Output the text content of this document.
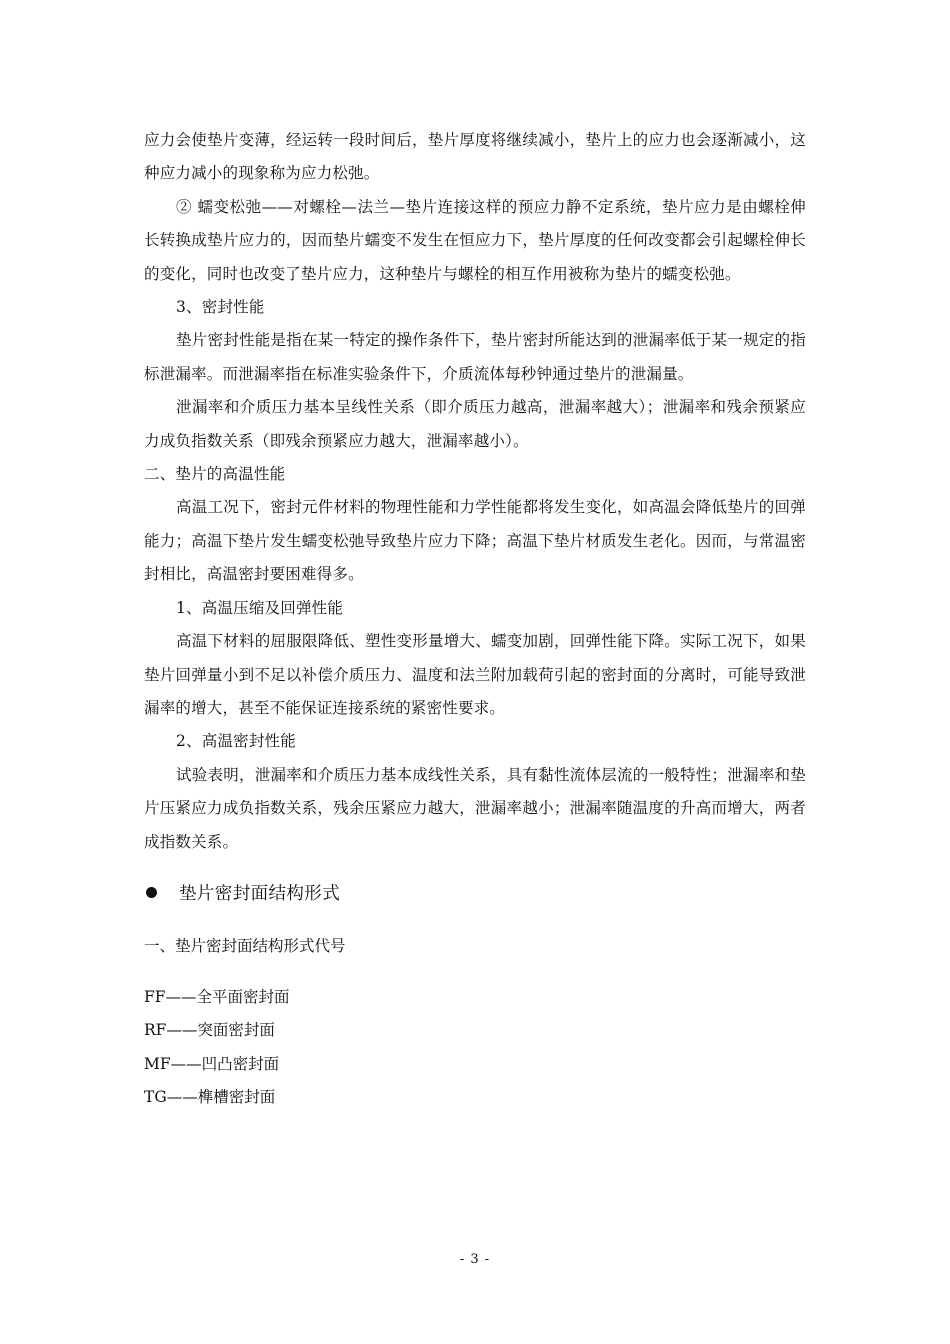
应力会使垫片变薄，经运转一段时间后，垫片厚度将继续减小，垫片上的应力也会逐渐减小，这种应力减小的现象称为应力松弛。

② 蠕变松弛——对螺栓—法兰—垫片连接这样的预应力静不定系统，垫片应力是由螺栓伸长转换成垫片应力的，因而垫片蠕变不发生在恒应力下，垫片厚度的任何改变都会引起螺栓伸长的变化，同时也改变了垫片应力，这种垫片与螺栓的相互作用被称为垫片的蠕变松弛。

3、密封性能

垫片密封性能是指在某一特定的操作条件下，垫片密封所能达到的泄漏率低于某一规定的指标泄漏率。而泄漏率指在标准实验条件下，介质流体每秒钟通过垫片的泄漏量。

泄漏率和介质压力基本呈线性关系（即介质压力越高，泄漏率越大）；泄漏率和残余预紧应力成负指数关系（即残余预紧应力越大，泄漏率越小）。

二、垫片的高温性能

高温工况下，密封元件材料的物理性能和力学性能都将发生变化，如高温会降低垫片的回弹能力；高温下垫片发生蠕变松弛导致垫片应力下降；高温下垫片材质发生老化。因而，与常温密封相比，高温密封要困难得多。

1、高温压缩及回弹性能

高温下材料的屈服限降低、塑性变形量增大、蠕变加剧，回弹性能下降。实际工况下，如果垫片回弹量小到不足以补偿介质压力、温度和法兰附加载荷引起的密封面的分离时，可能导致泄漏率的增大，甚至不能保证连接系统的紧密性要求。

2、高温密封性能

试验表明，泄漏率和介质压力基本成线性关系，具有黏性流体层流的一般特性；泄漏率和垫片压紧应力成负指数关系，残余压紧应力越大，泄漏率越小；泄漏率随温度的升高而增大，两者成指数关系。

垫片密封面结构形式
一、垫片密封面结构形式代号
FF——全平面密封面
RF——突面密封面
MF——凹凸密封面
TG——榫槽密封面
- 3 -
